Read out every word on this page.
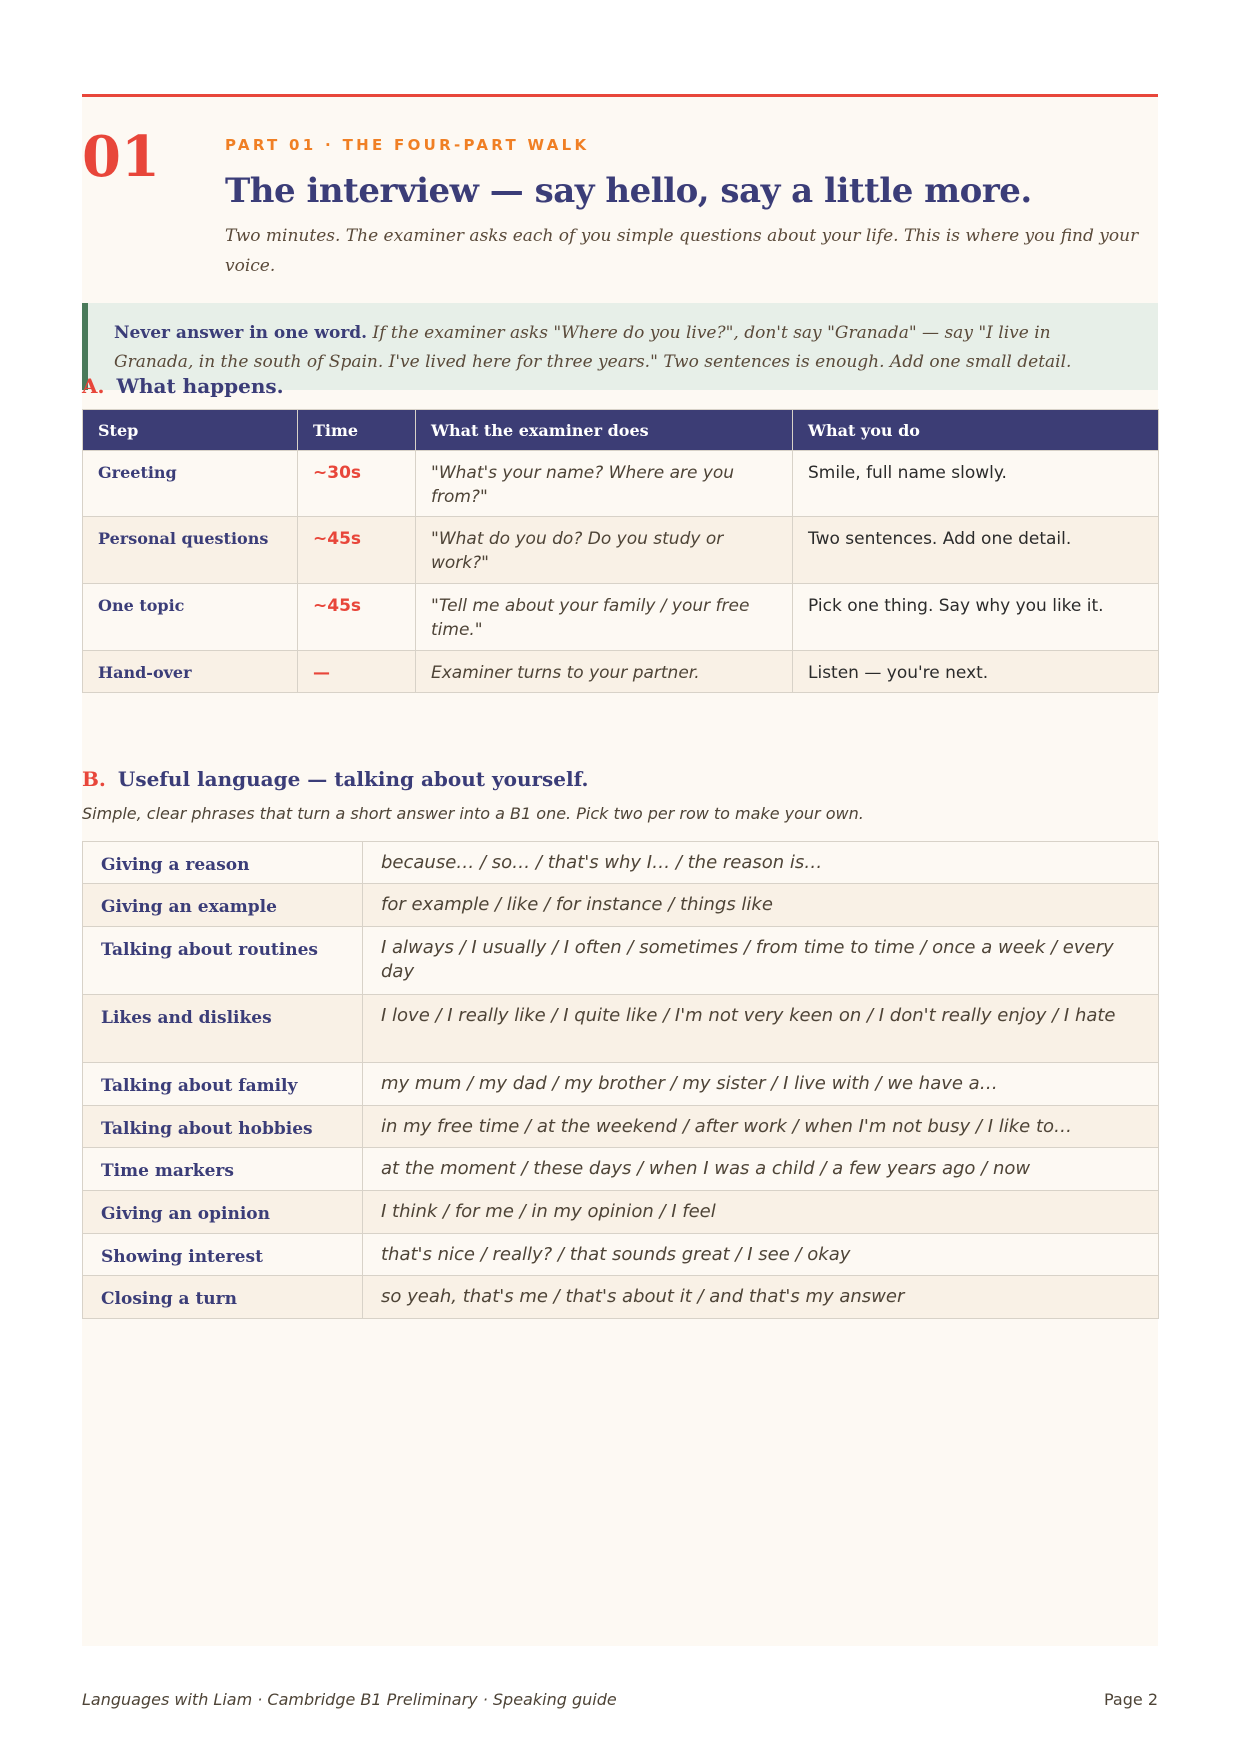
01	PART 01 · THE FOUR-PART WALK
The interview — say hello, say a little more.
Two minutes. The examiner asks each of you simple questions about your life. This is where you find your voice.
Never answer in one word. If the examiner asks "Where do you live?", don't say "Granada" — say "I live in Granada, in the south of Spain. I've lived here for three years." Two sentences is enough. Add one small detail.
A. What happens.
Step	Time	What the examiner does	What you do
Greeting	~30s	"What's your name? Where are you from?"	Smile, full name slowly.
Personal questions	~45s	"What do you do? Do you study or work?"	Two sentences. Add one detail.
One topic	~45s	"Tell me about your family / your free time."	Pick one thing. Say why you like it.
Hand-over	—	Examiner turns to your partner.	Listen — you're next.
B. Useful language — talking about yourself.
Simple, clear phrases that turn a short answer into a B1 one. Pick two per row to make your own.
Giving a reason	because… / so… / that's why I… / the reason is…
Giving an example	for example / like / for instance / things like
Talking about routines	I always / I usually / I often / sometimes / from time to time / once a week / every day
Likes and dislikes	I love / I really like / I quite like / I'm not very keen on / I don't really enjoy / I hate
Talking about family	my mum / my dad / my brother / my sister / I live with / we have a…
Talking about hobbies	in my free time / at the weekend / after work / when I'm not busy / I like to…
Time markers	at the moment / these days / when I was a child / a few years ago / now
Giving an opinion	I think / for me / in my opinion / I feel
Showing interest	that's nice / really? / that sounds great / I see / okay
Closing a turn	so yeah, that's me / that's about it / and that's my answer
Languages with Liam · Cambridge B1 Preliminary · Speaking guide	Page 2
